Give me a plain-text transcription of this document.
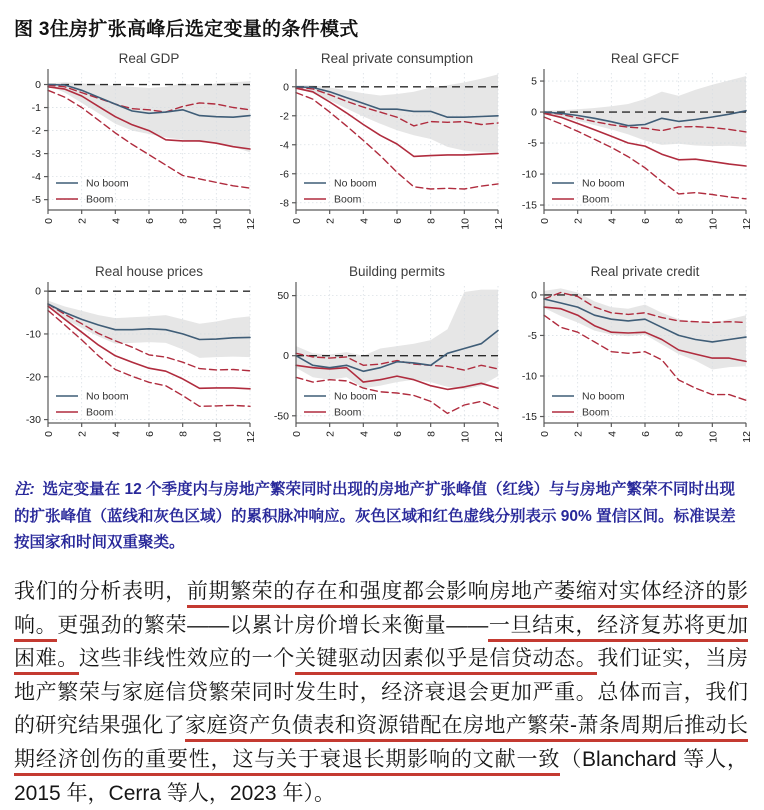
图 3住房扩张高峰后选定变量的条件模式
Real GDP
0
-1
-2
-3
-4
-5
0 2 4 6 8 10 12
No boom
Boom
Real private consumption
0
-2
-4
-6
-8
0 2 4 6 8 10 12
No boom
Boom
Real GFCF
5
0
-5
-10
-15
0 2 4 6 8 10 12
No boom
Boom
Real house prices
0
-10
-20
-30
0 2 4 6 8 10 12
No boom
Boom
Building permits
50
0
-50
0 2 4 6 8 10 12
No boom
Boom
Real private credit
0
-5
-10
-15
0 2 4 6 8 10 12
No boom
Boom

注: 选定变量在 12 个季度内与房地产繁荣同时出现的房地产扩张峰值（红线）与与房地产繁荣不同时出现的扩张峰值（蓝线和灰色区域）的累积脉冲响应。灰色区域和红色虚线分别表示 90% 置信区间。标准误差按国家和时间双重聚类。

我们的分析表明，前期繁荣的存在和强度都会影响房地产萎缩对实体经济的影响。更强劲的繁荣——以累计房价增长来衡量——一旦结束，经济复苏将更加困难。这些非线性效应的一个关键驱动因素似乎是信贷动态。我们证实，当房地产繁荣与家庭信贷繁荣同时发生时，经济衰退会更加严重。总体而言，我们的研究结果强化了家庭资产负债表和资源错配在房地产繁荣-萧条周期后推动长期经济创伤的重要性，这与关于衰退长期影响的文献一致（Blanchard 等人，2015 年，Cerra 等人，2023 年）。
